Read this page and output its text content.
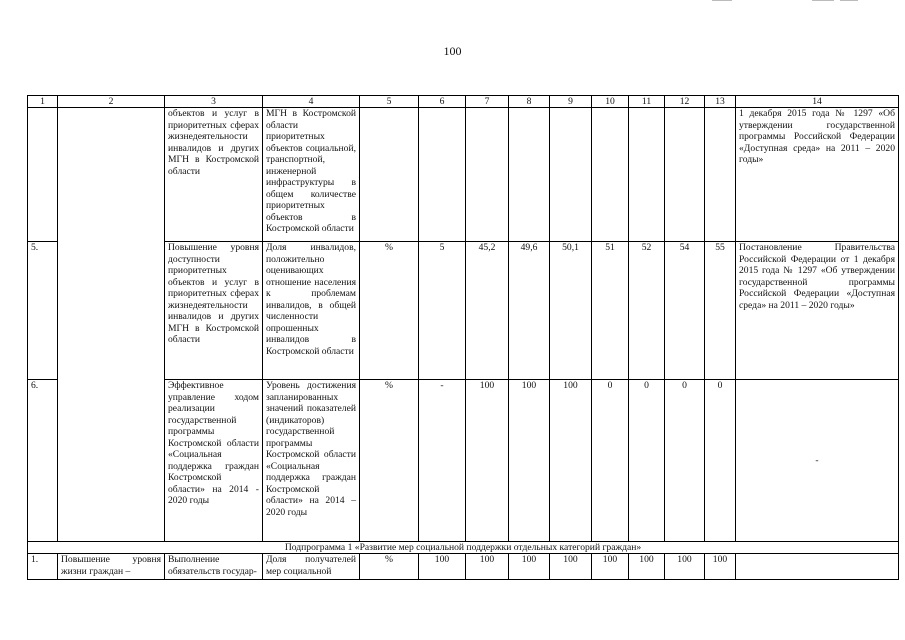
100
1	2	3	4	5	6	7	8	9	10	11	12	13	14
		объектов и услуг в приоритетных сферах жизнедеятельности инвалидов и других МГН в Костромской области	МГН в Костромской области приоритетных объектов социальной, транспортной, инженерной инфраструктуры в общем количестве приоритетных объектов в Костромской области										1 декабря 2015 года № 1297 «Об утверждении государственной программы Российской Федерации «Доступная среда» на 2011 – 2020 годы»
5.		Повышение уровня доступности приоритетных объектов и услуг в приоритетных сферах жизнедеятельности инвалидов и других МГН в Костромской области	Доля инвалидов, положительно оценивающих отношение населения к проблемам инвалидов, в общей численности опрошенных инвалидов в Костромской области	%	5	45,2	49,6	50,1	51	52	54	55	Постановление Правительства Российской Федерации от 1 декабря 2015 года № 1297 «Об утверждении государственной программы Российской Федерации «Доступная среда» на 2011 – 2020 годы»
6.		Эффективное управление ходом реализации государственной программы Костромской области «Социальная поддержка граждан Костромской области» на 2014 - 2020 годы	Уровень достижения запланированных значений показателей (индикаторов) государственной программы Костромской области «Социальная поддержка граждан Костромской области» на 2014 – 2020 годы	%	-	100	100	100	0	0	0	0	-
Подпрограмма 1 «Развитие мер социальной поддержки отдельных категорий граждан»													
1.	Повышение уровня жизни граждан –	Выполнение обязательств государ-	Доля получателей мер социальной	%	100	100	100	100	100	100	100	100	
